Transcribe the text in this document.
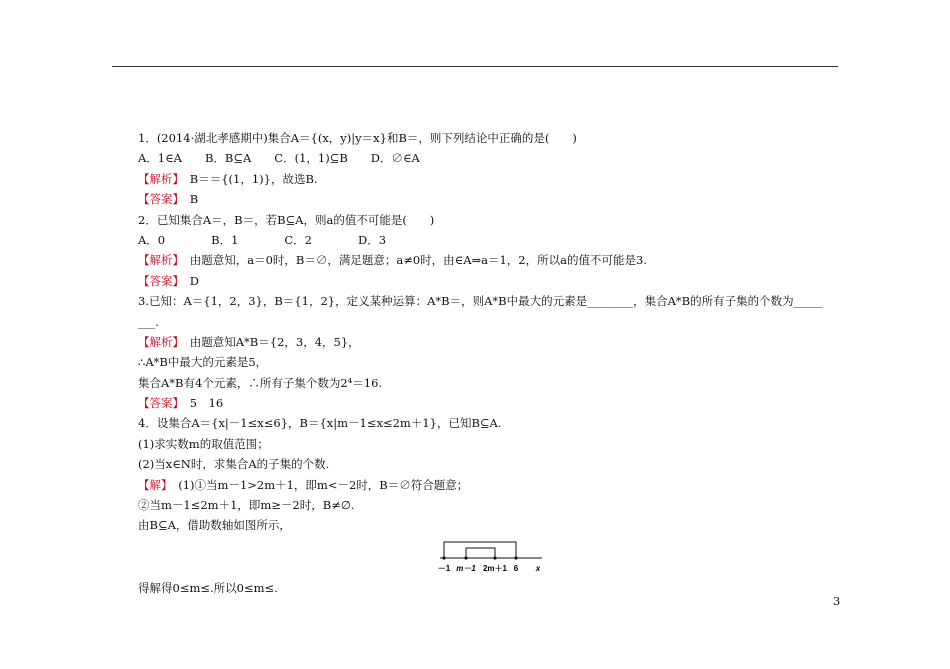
1．(2014·湖北孝感期中)集合A＝{(x，y)|y＝x}和B＝，则下列结论中正确的是(　　)
A．1∈A　　B．B⊆A　　C．(1，1)⊆B　　D．∅∈A
【解析】　B＝＝{(1，1)}，故选B.
【答案】　B
2．已知集合A＝，B＝，若B⊆A，则a的值不可能是(　　)
A．0　　　　B．1　　　　C．2　　　　D．3
【解析】　由题意知，a＝0时，B＝∅，满足题意；a≠0时，由∈A⇒a＝1，2，所以a的值不可能是3.
【答案】　D
3.已知：A＝{1，2，3}，B＝{1，2}，定义某种运算：A*B＝，则A*B中最大的元素是________，集合A*B的所有子集的个数为_____
___.
【解析】　由题意知A*B＝{2，3，4，5}，
∴A*B中最大的元素是5，
集合A*B有4个元素，∴所有子集个数为2⁴＝16.
【答案】　5　16
4．设集合A＝{x|－1≤x≤6}，B＝{x|m－1≤x≤2m＋1}，已知B⊆A.
(1)求实数m的取值范围；
(2)当x∈N时，求集合A的子集的个数.
【解】　(1)①当m－1>2m＋1，即m<－2时，B＝∅符合题意；
②当m－1≤2m＋1，即m≥－2时，B≠∅.
由B⊆A，借助数轴如图所示，
－1 m－1 2m＋1 6 x
得解得0≤m≤.所以0≤m≤.
3
